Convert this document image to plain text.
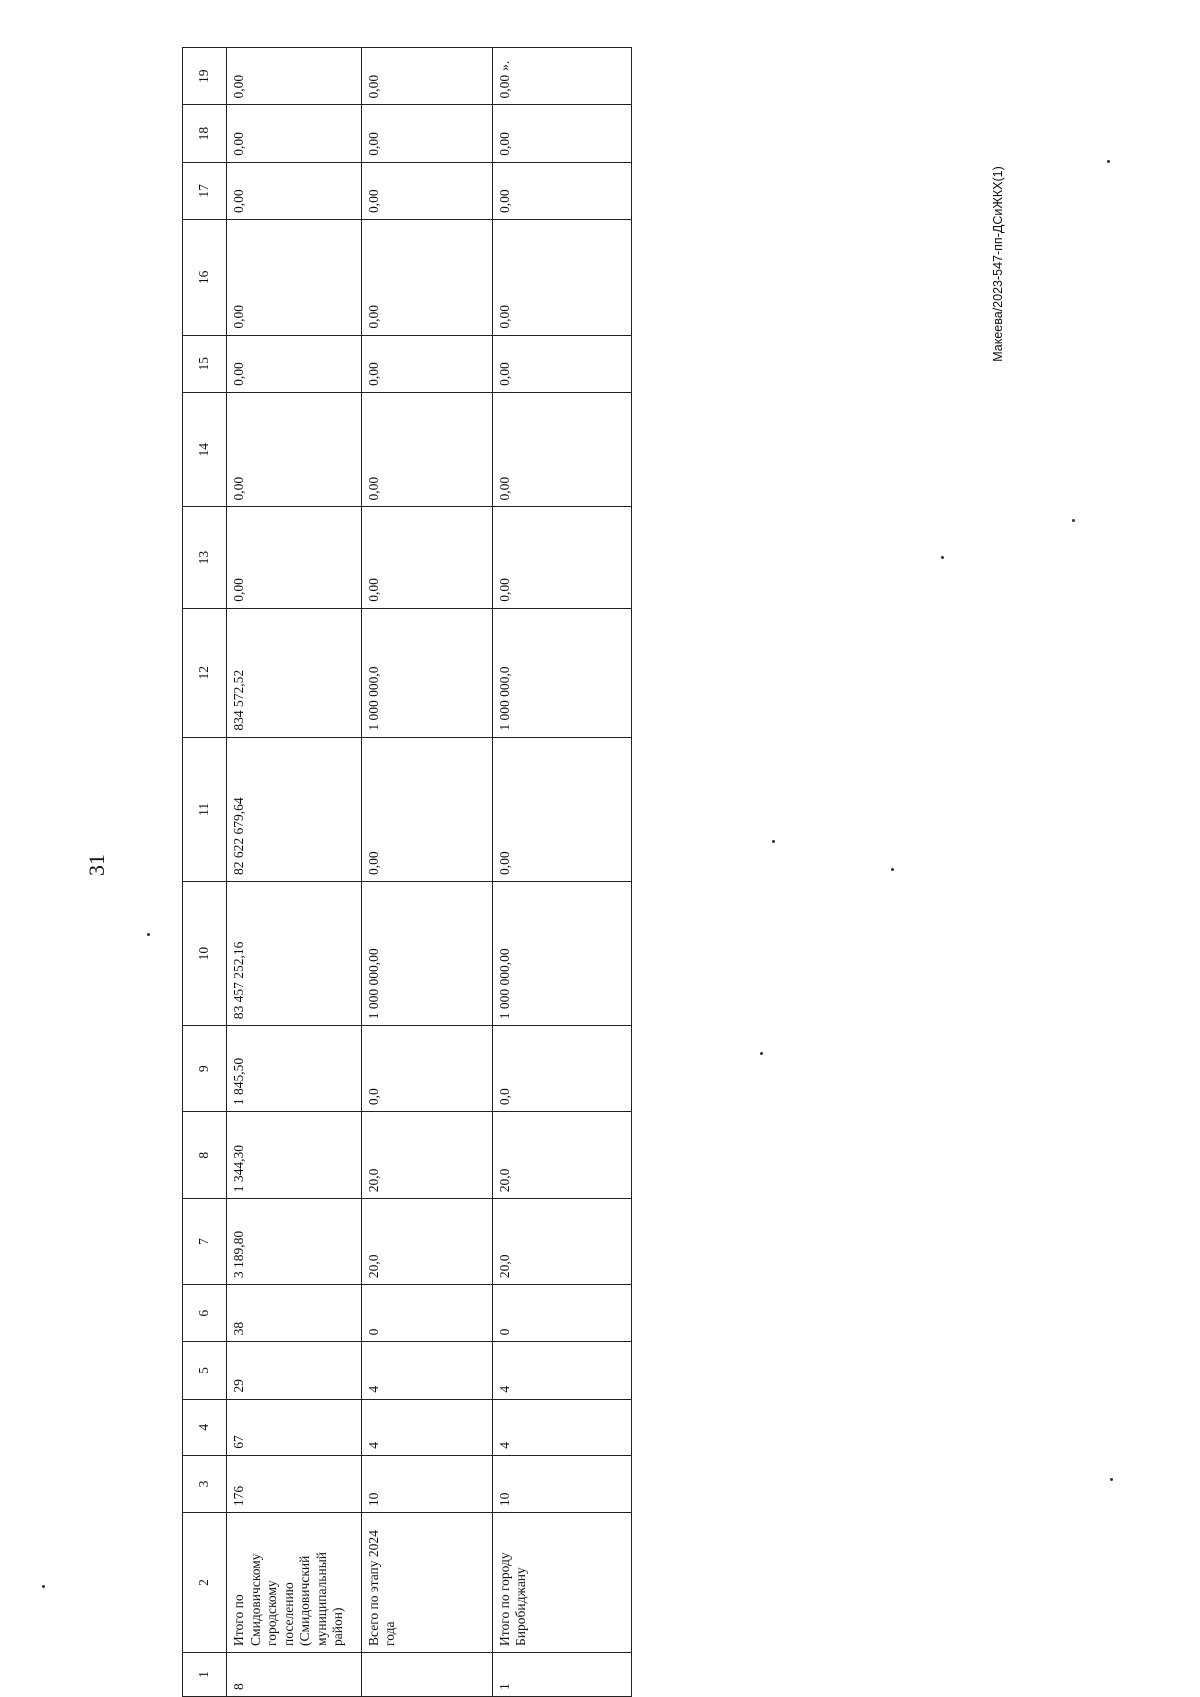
1	2	3	4	5	6	7	8	9	10	11	12	13	14	15	16	17	18	19
8	Итого по Смидовичскому городскому поселению (Смидовичский муниципальный район)	176	67	29	38	3 189,80	1 344,30	1 845,50	83 457 252,16	82 622 679,64	834 572,52	0,00	0,00	0,00	0,00	0,00	0,00	0,00
	Всего по этапу 2024 года	10	4	4	0	20,0	20,0	0,0	1 000 000,00	0,00	1 000 000,0	0,00	0,00	0,00	0,00	0,00	0,00	0,00
1	Итого по городу Биробиджану	10	4	4	0	20,0	20,0	0,0	1 000 000,00	0,00	1 000 000,0	0,00	0,00	0,00	0,00	0,00	0,00	0,00».
31
Макеева/2023-547-пп-ДСиЖКХ(1)
